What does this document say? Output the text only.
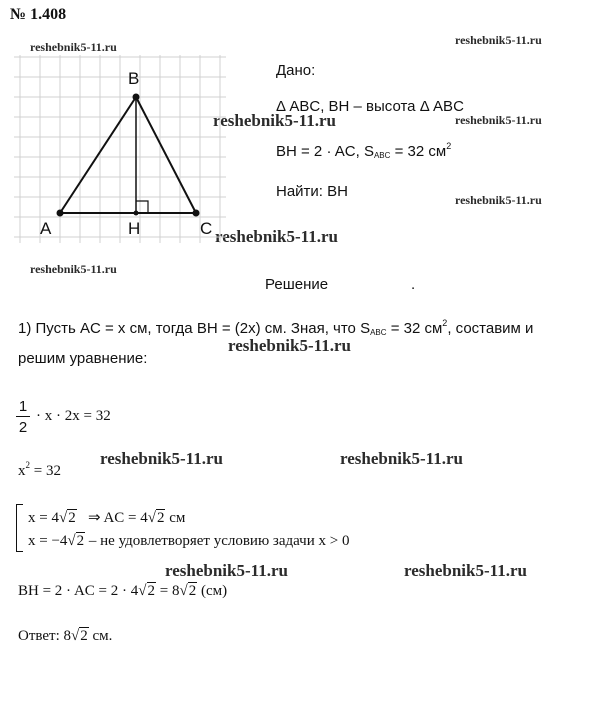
№ 1.408
reshebnik5-11.ru
reshebnik5-11.ru
reshebnik5-11.ru	reshebnik5-11.ru
reshebnik5-11.ru
reshebnik5-11.ru
reshebnik5-11.ru
reshebnik5-11.ru
reshebnik5-11.ru	reshebnik5-11.ru
reshebnik5-11.ru	reshebnik5-11.ru
B
A	H	C
Дано:
Δ ABC, BH – высота Δ ABC
BH = 2 · AC, $S_{ABC} = 32$ $см^2$
Найти: BH
Решение	.
1) Пусть AC = x см, тогда BH = (2x) см. Зная, что $S_{ABC} = 32$ $см^2$, составим и
решим уравнение:
1
2
· x · 2x = 32
$x^2 = 32$
x = 4√2 ⇒ AC = 4√2 см
x = −4√2 – не удовлетворяет условию задачи x > 0
BH = 2 · AC = 2 · 4√2 = 8√2 (см)
Ответ: 8√2 см.
